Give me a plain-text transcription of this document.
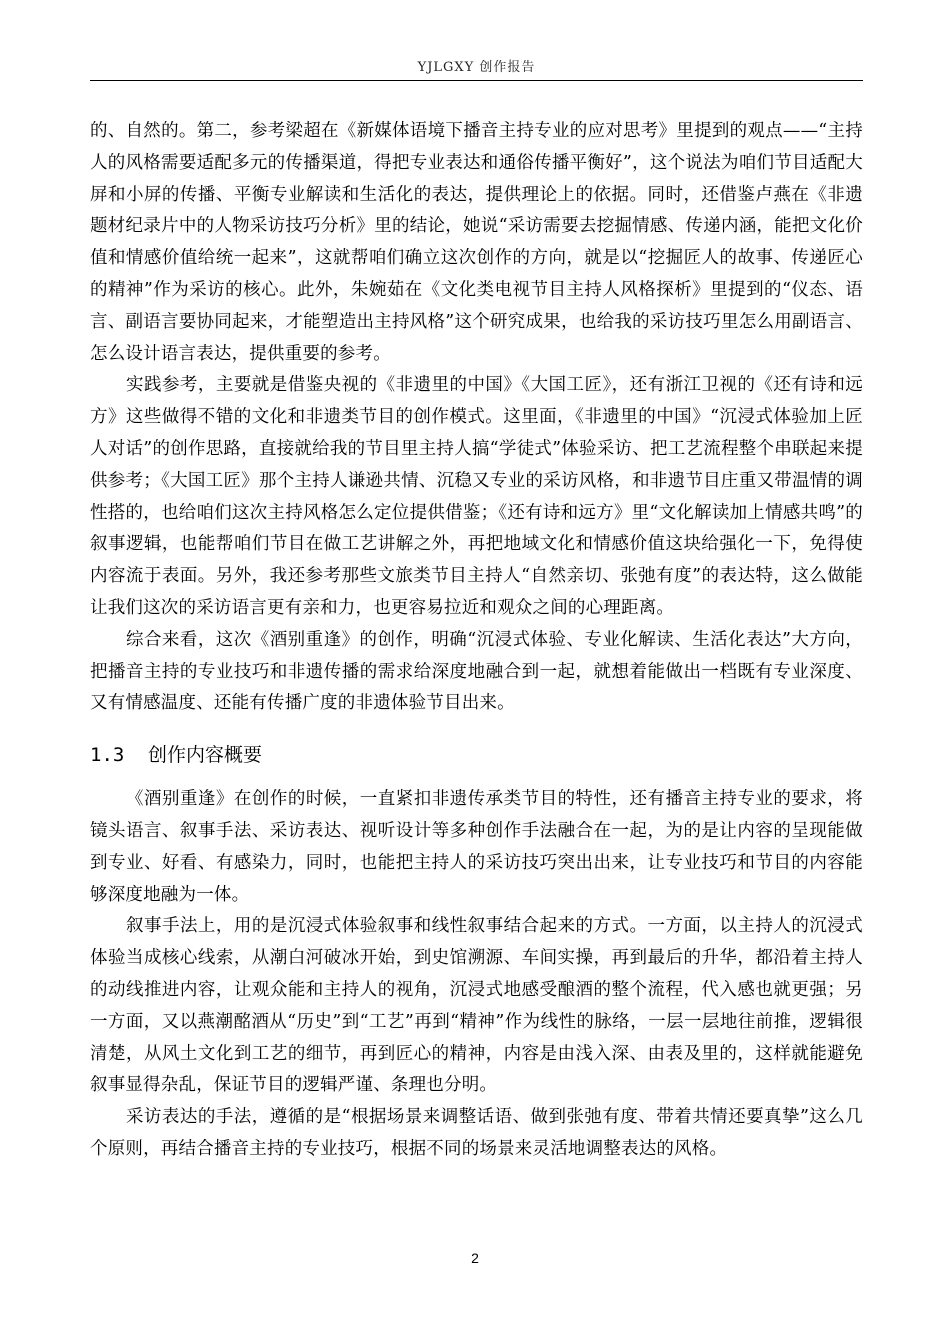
YJLGXY 创作报告

的、自然的。第二，参考梁超在《新媒体语境下播音主持专业的应对思考》里提到的观点——“主持人的风格需要适配多元的传播渠道，得把专业表达和通俗传播平衡好”，这个说法为咱们节目适配大屏和小屏的传播、平衡专业解读和生活化的表达，提供理论上的依据。同时，还借鉴卢燕在《非遗题材纪录片中的人物采访技巧分析》里的结论，她说“采访需要去挖掘情感、传递内涵，能把文化价值和情感价值给统一起来”，这就帮咱们确立这次创作的方向，就是以“挖掘匠人的故事、传递匠心的精神”作为采访的核心。此外，朱婉茹在《文化类电视节目主持人风格探析》里提到的“仪态、语言、副语言要协同起来，才能塑造出主持风格”这个研究成果，也给我的采访技巧里怎么用副语言、怎么设计语言表达，提供重要的参考。

实践参考，主要就是借鉴央视的《非遗里的中国》《大国工匠》，还有浙江卫视的《还有诗和远方》这些做得不错的文化和非遗类节目的创作模式。这里面，《非遗里的中国》“沉浸式体验加上匠人对话”的创作思路，直接就给我的节目里主持人搞“学徒式”体验采访、把工艺流程整个串联起来提供参考；《大国工匠》那个主持人谦逊共情、沉稳又专业的采访风格，和非遗节目庄重又带温情的调性搭的，也给咱们这次主持风格怎么定位提供借鉴；《还有诗和远方》里“文化解读加上情感共鸣”的叙事逻辑，也能帮咱们节目在做工艺讲解之外，再把地域文化和情感价值这块给强化一下，免得使内容流于表面。另外，我还参考那些文旅类节目主持人“自然亲切、张弛有度”的表达特，这么做能让我们这次的采访语言更有亲和力，也更容易拉近和观众之间的心理距离。

综合来看，这次《酒别重逢》的创作，明确“沉浸式体验、专业化解读、生活化表达”大方向，把播音主持的专业技巧和非遗传播的需求给深度地融合到一起，就想着能做出一档既有专业深度、又有情感温度、还能有传播广度的非遗体验节目出来。

1.3 创作内容概要

《酒别重逢》在创作的时候，一直紧扣非遗传承类节目的特性，还有播音主持专业的要求，将镜头语言、叙事手法、采访表达、视听设计等多种创作手法融合在一起，为的是让内容的呈现能做到专业、好看、有感染力，同时，也能把主持人的采访技巧突出出来，让专业技巧和节目的内容能够深度地融为一体。

叙事手法上，用的是沉浸式体验叙事和线性叙事结合起来的方式。一方面，以主持人的沉浸式体验当成核心线索，从潮白河破冰开始，到史馆溯源、车间实操，再到最后的升华，都沿着主持人的动线推进内容，让观众能和主持人的视角，沉浸式地感受酿酒的整个流程，代入感也就更强；另一方面，又以燕潮酩酒从“历史”到“工艺”再到“精神”作为线性的脉络，一层一层地往前推，逻辑很清楚，从风土文化到工艺的细节，再到匠心的精神，内容是由浅入深、由表及里的，这样就能避免叙事显得杂乱，保证节目的逻辑严谨、条理也分明。

采访表达的手法，遵循的是“根据场景来调整话语、做到张弛有度、带着共情还要真挚”这么几个原则，再结合播音主持的专业技巧，根据不同的场景来灵活地调整表达的风格。

2
